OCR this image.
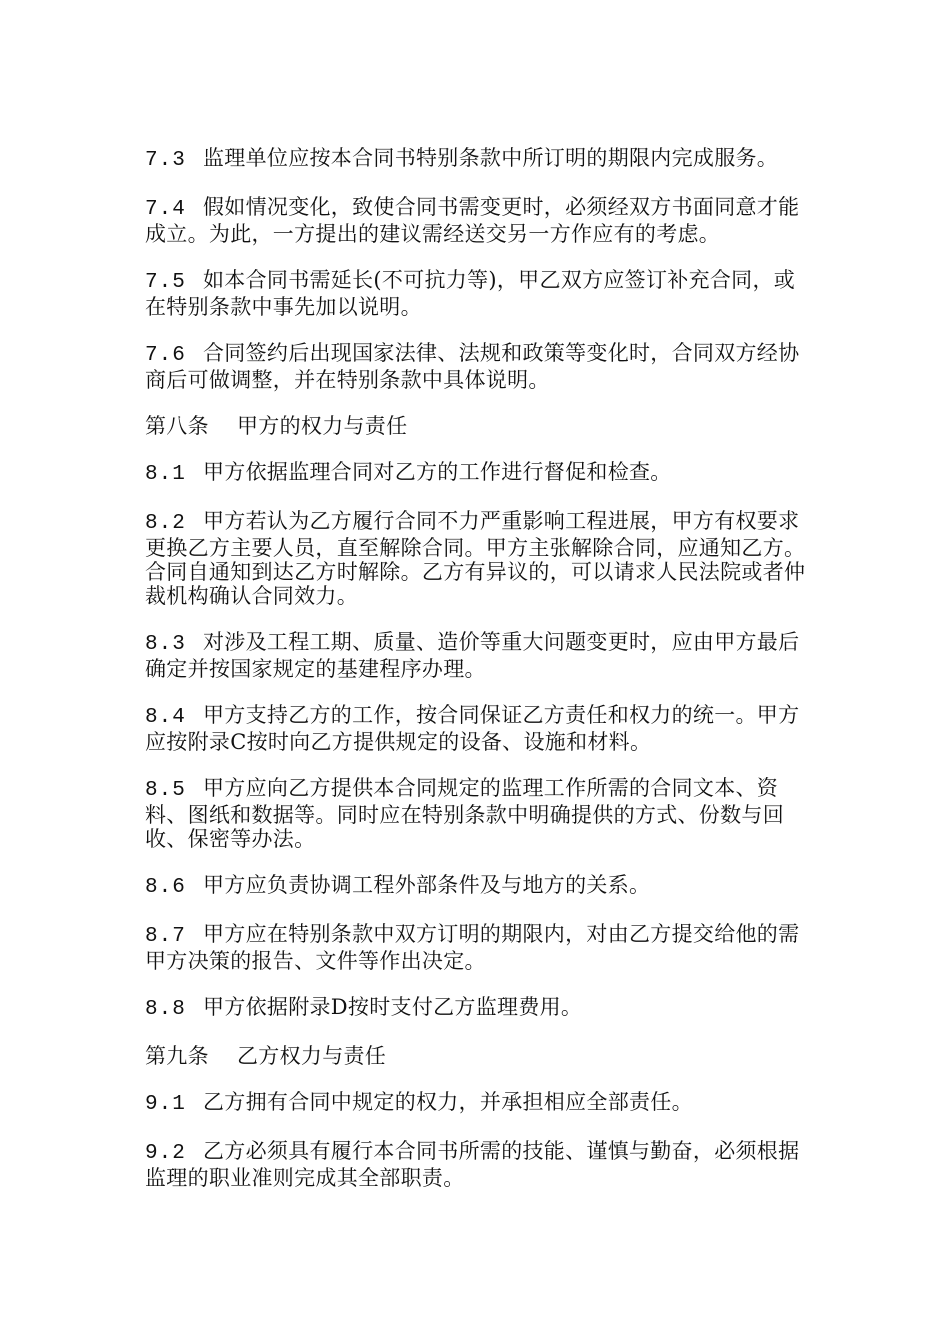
7.3 监理单位应按本合同书特别条款中所订明的期限内完成服务。

7.4 假如情况变化，致使合同书需变更时，必须经双方书面同意才能成立。为此，一方提出的建议需经送交另一方作应有的考虑。

7.5 如本合同书需延长(不可抗力等)，甲乙双方应签订补充合同，或在特别条款中事先加以说明。

7.6 合同签约后出现国家法律、法规和政策等变化时，合同双方经协商后可做调整，并在特别条款中具体说明。

第八条 甲方的权力与责任

8.1 甲方依据监理合同对乙方的工作进行督促和检查。

8.2 甲方若认为乙方履行合同不力严重影响工程进展，甲方有权要求更换乙方主要人员，直至解除合同。甲方主张解除合同，应通知乙方。合同自通知到达乙方时解除。乙方有异议的，可以请求人民法院或者仲裁机构确认合同效力。

8.3 对涉及工程工期、质量、造价等重大问题变更时，应由甲方最后确定并按国家规定的基建程序办理。

8.4 甲方支持乙方的工作，按合同保证乙方责任和权力的统一。甲方应按附录C按时向乙方提供规定的设备、设施和材料。

8.5 甲方应向乙方提供本合同规定的监理工作所需的合同文本、资料、图纸和数据等。同时应在特别条款中明确提供的方式、份数与回收、保密等办法。

8.6 甲方应负责协调工程外部条件及与地方的关系。

8.7 甲方应在特别条款中双方订明的期限内，对由乙方提交给他的需甲方决策的报告、文件等作出决定。

8.8 甲方依据附录D按时支付乙方监理费用。

第九条 乙方权力与责任

9.1 乙方拥有合同中规定的权力，并承担相应全部责任。

9.2 乙方必须具有履行本合同书所需的技能、谨慎与勤奋，必须根据监理的职业准则完成其全部职责。
